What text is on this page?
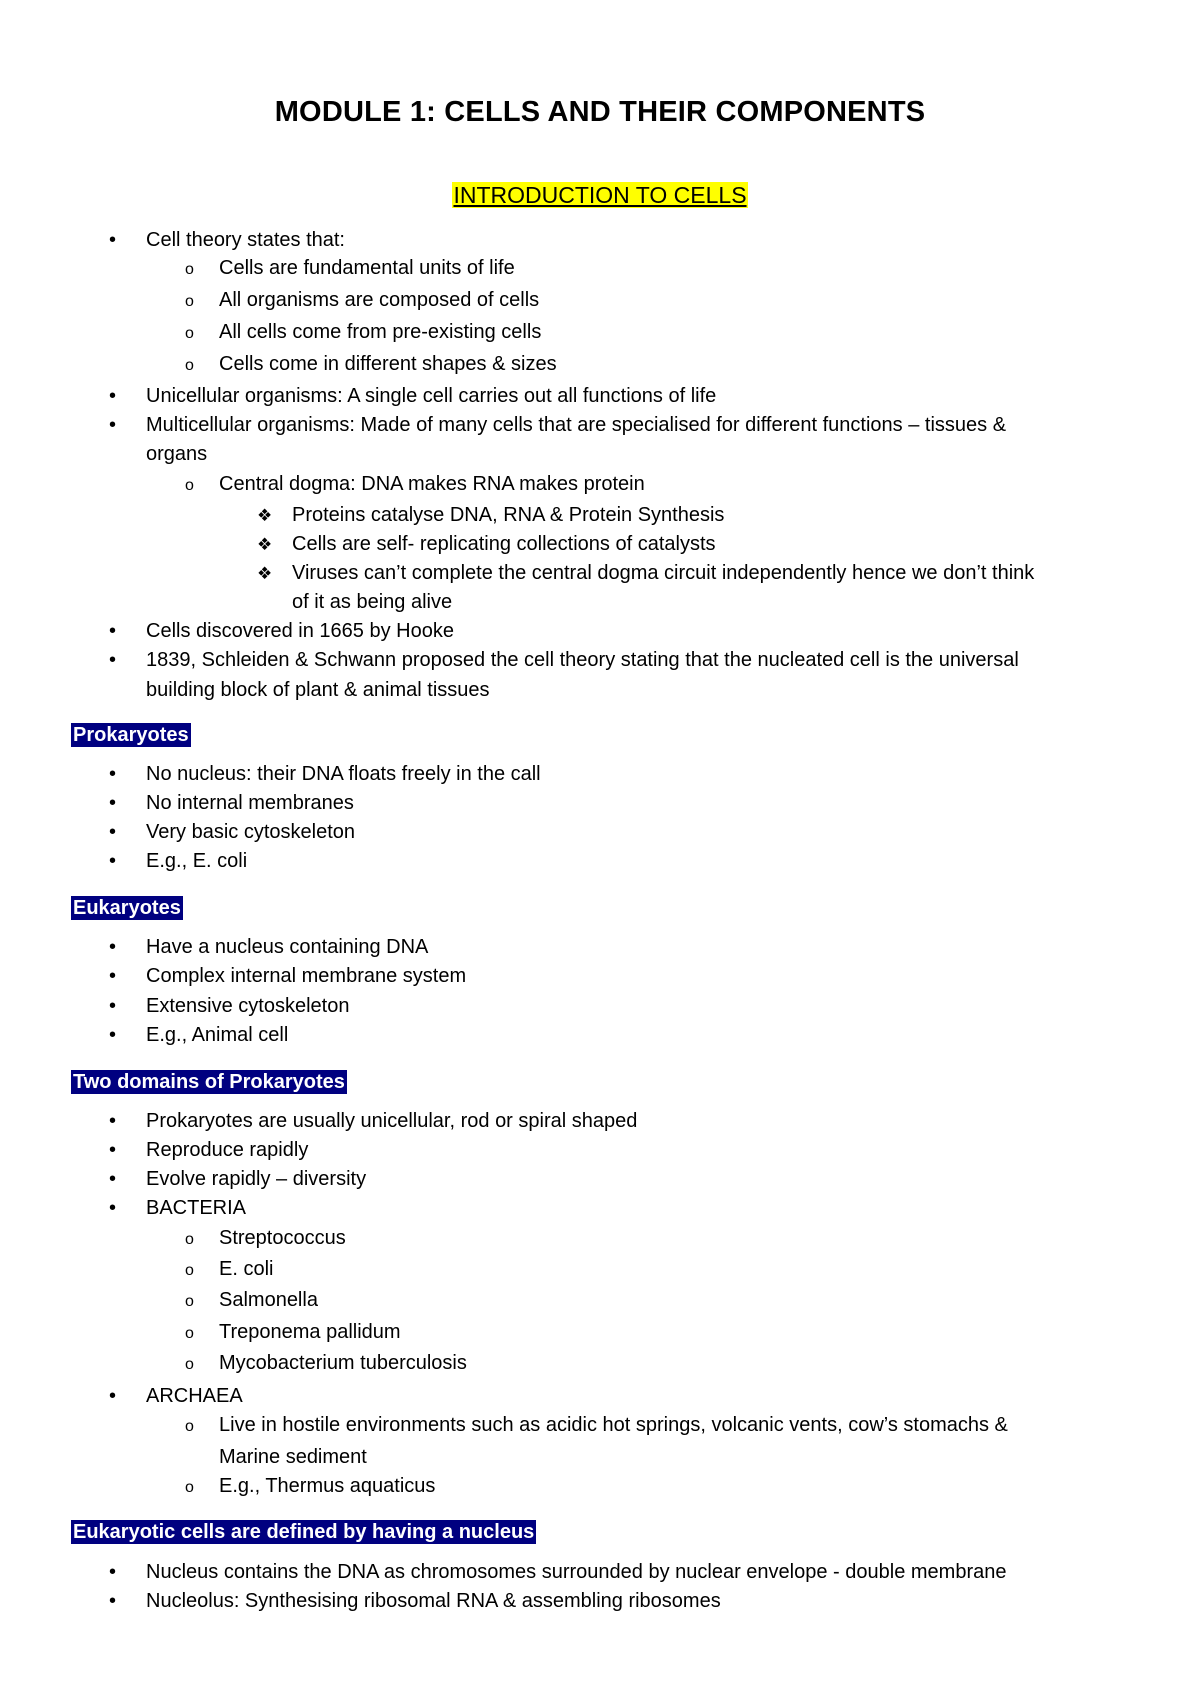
MODULE 1: CELLS AND THEIR COMPONENTS
INTRODUCTION TO CELLS
• Cell theory states that:
o Cells are fundamental units of life
o All organisms are composed of cells
o All cells come from pre-existing cells
o Cells come in different shapes & sizes
• Unicellular organisms: A single cell carries out all functions of life
• Multicellular organisms: Made of many cells that are specialised for different functions – tissues &
organs
o Central dogma: DNA makes RNA makes protein
❖ Proteins catalyse DNA, RNA & Protein Synthesis
❖ Cells are self- replicating collections of catalysts
❖ Viruses can’t complete the central dogma circuit independently hence we don’t think
of it as being alive
• Cells discovered in 1665 by Hooke
• 1839, Schleiden & Schwann proposed the cell theory stating that the nucleated cell is the universal
building block of plant & animal tissues
Prokaryotes
• No nucleus: their DNA floats freely in the call
• No internal membranes
• Very basic cytoskeleton
• E.g., E. coli
Eukaryotes
• Have a nucleus containing DNA
• Complex internal membrane system
• Extensive cytoskeleton
• E.g., Animal cell
Two domains of Prokaryotes
• Prokaryotes are usually unicellular, rod or spiral shaped
• Reproduce rapidly
• Evolve rapidly – diversity
• BACTERIA
o Streptococcus
o E. coli
o Salmonella
o Treponema pallidum
o Mycobacterium tuberculosis
• ARCHAEA
o Live in hostile environments such as acidic hot springs, volcanic vents, cow’s stomachs &
Marine sediment
o E.g., Thermus aquaticus
Eukaryotic cells are defined by having a nucleus
• Nucleus contains the DNA as chromosomes surrounded by nuclear envelope - double membrane
• Nucleolus: Synthesising ribosomal RNA & assembling ribosomes
